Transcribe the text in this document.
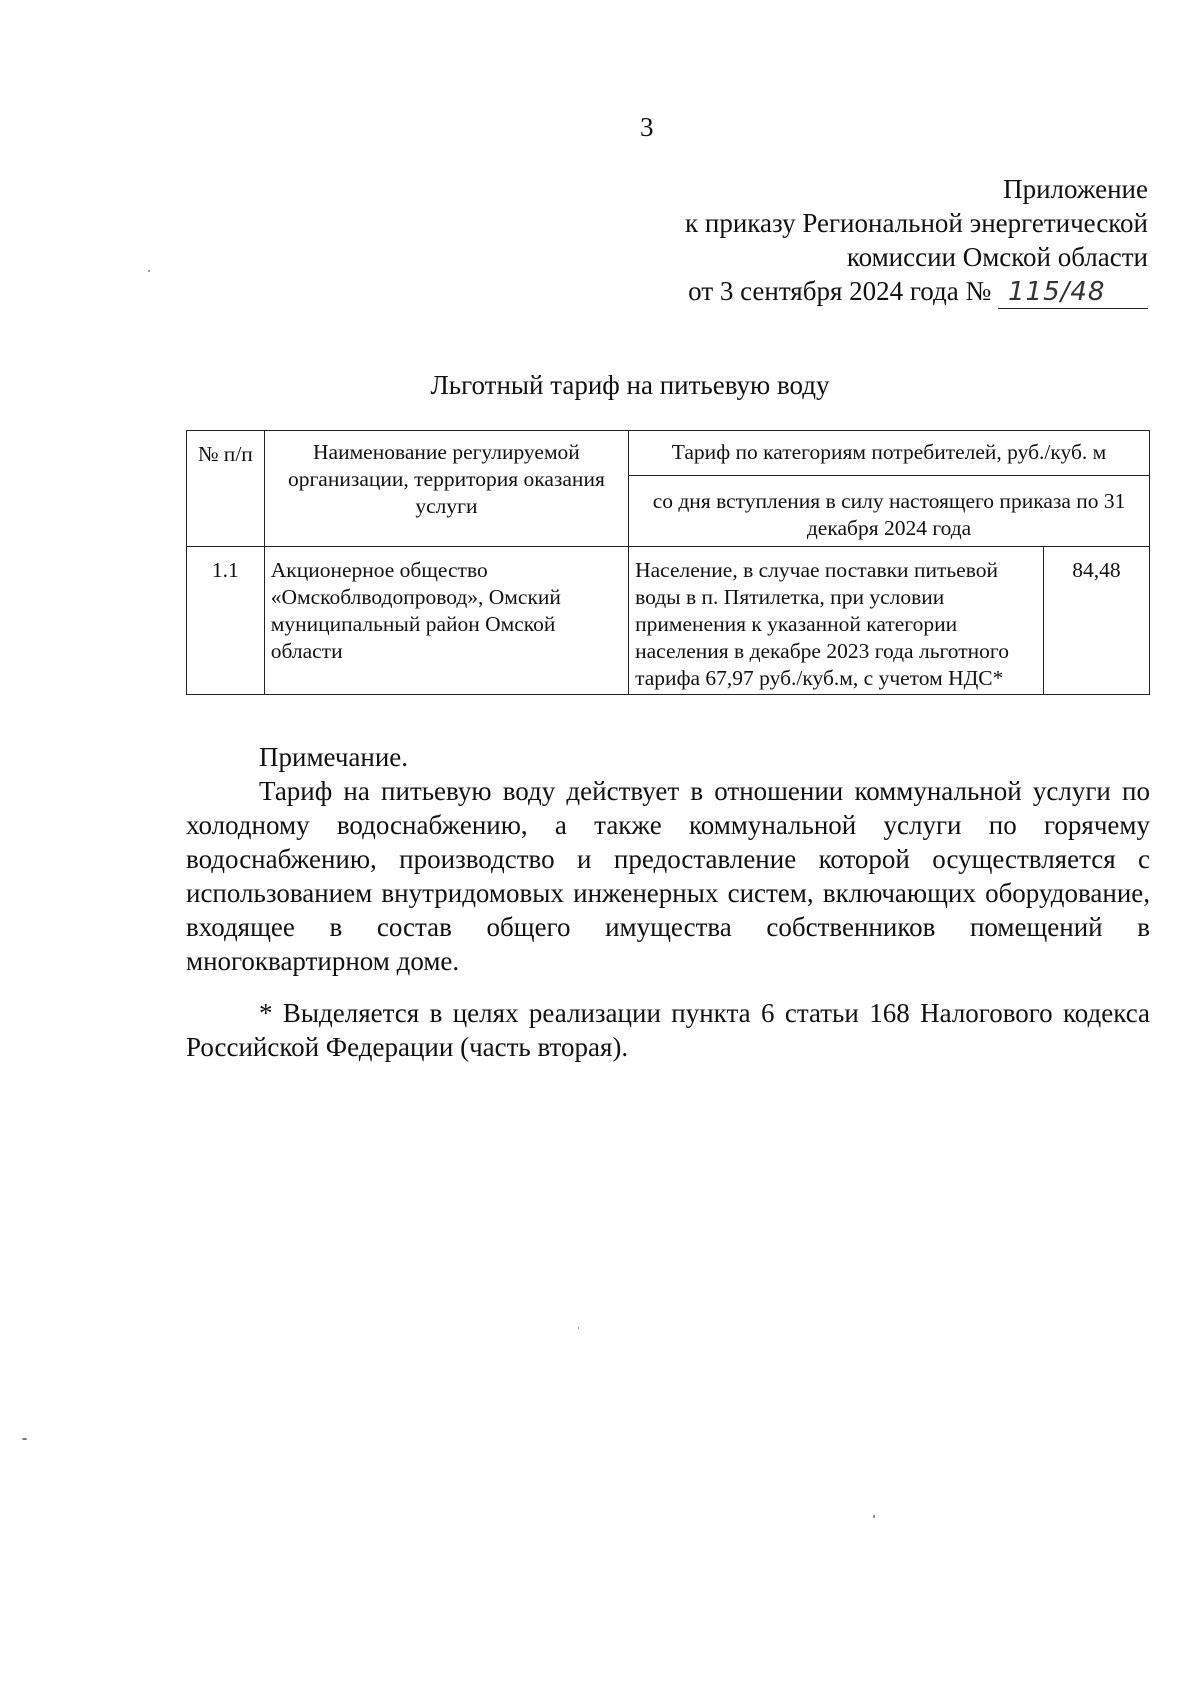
3
Приложение
к приказу Региональной энергетической
комиссии Омской области
от 3 сентября 2024 года № 115/48
Льготный тариф на питьевую воду
№ п/п	Наименование регулируемой организации, территория оказания услуги	Тариф по категориям потребителей, руб./куб. м	
		со дня вступления в силу настоящего приказа по 31 декабря 2024 года	
1.1	Акционерное общество «Омскоблводопровод», Омский муниципальный район Омской области	Население, в случае поставки питьевой воды в п. Пятилетка, при условии применения к указанной категории населения в декабре 2023 года льготного тарифа 67,97 руб./куб.м, с учетом НДС*	84,48
Примечание.

Тариф на питьевую воду действует в отношении коммунальной услуги по холодному водоснабжению, а также коммунальной услуги по горячему водоснабжению, производство и предоставление которой осуществляется с использованием внутридомовых инженерных систем, включающих оборудование, входящее в состав общего имущества собственников помещений в многоквартирном доме.

* Выделяется в целях реализации пункта 6 статьи 168 Налогового кодекса Российской Федерации (часть вторая).
